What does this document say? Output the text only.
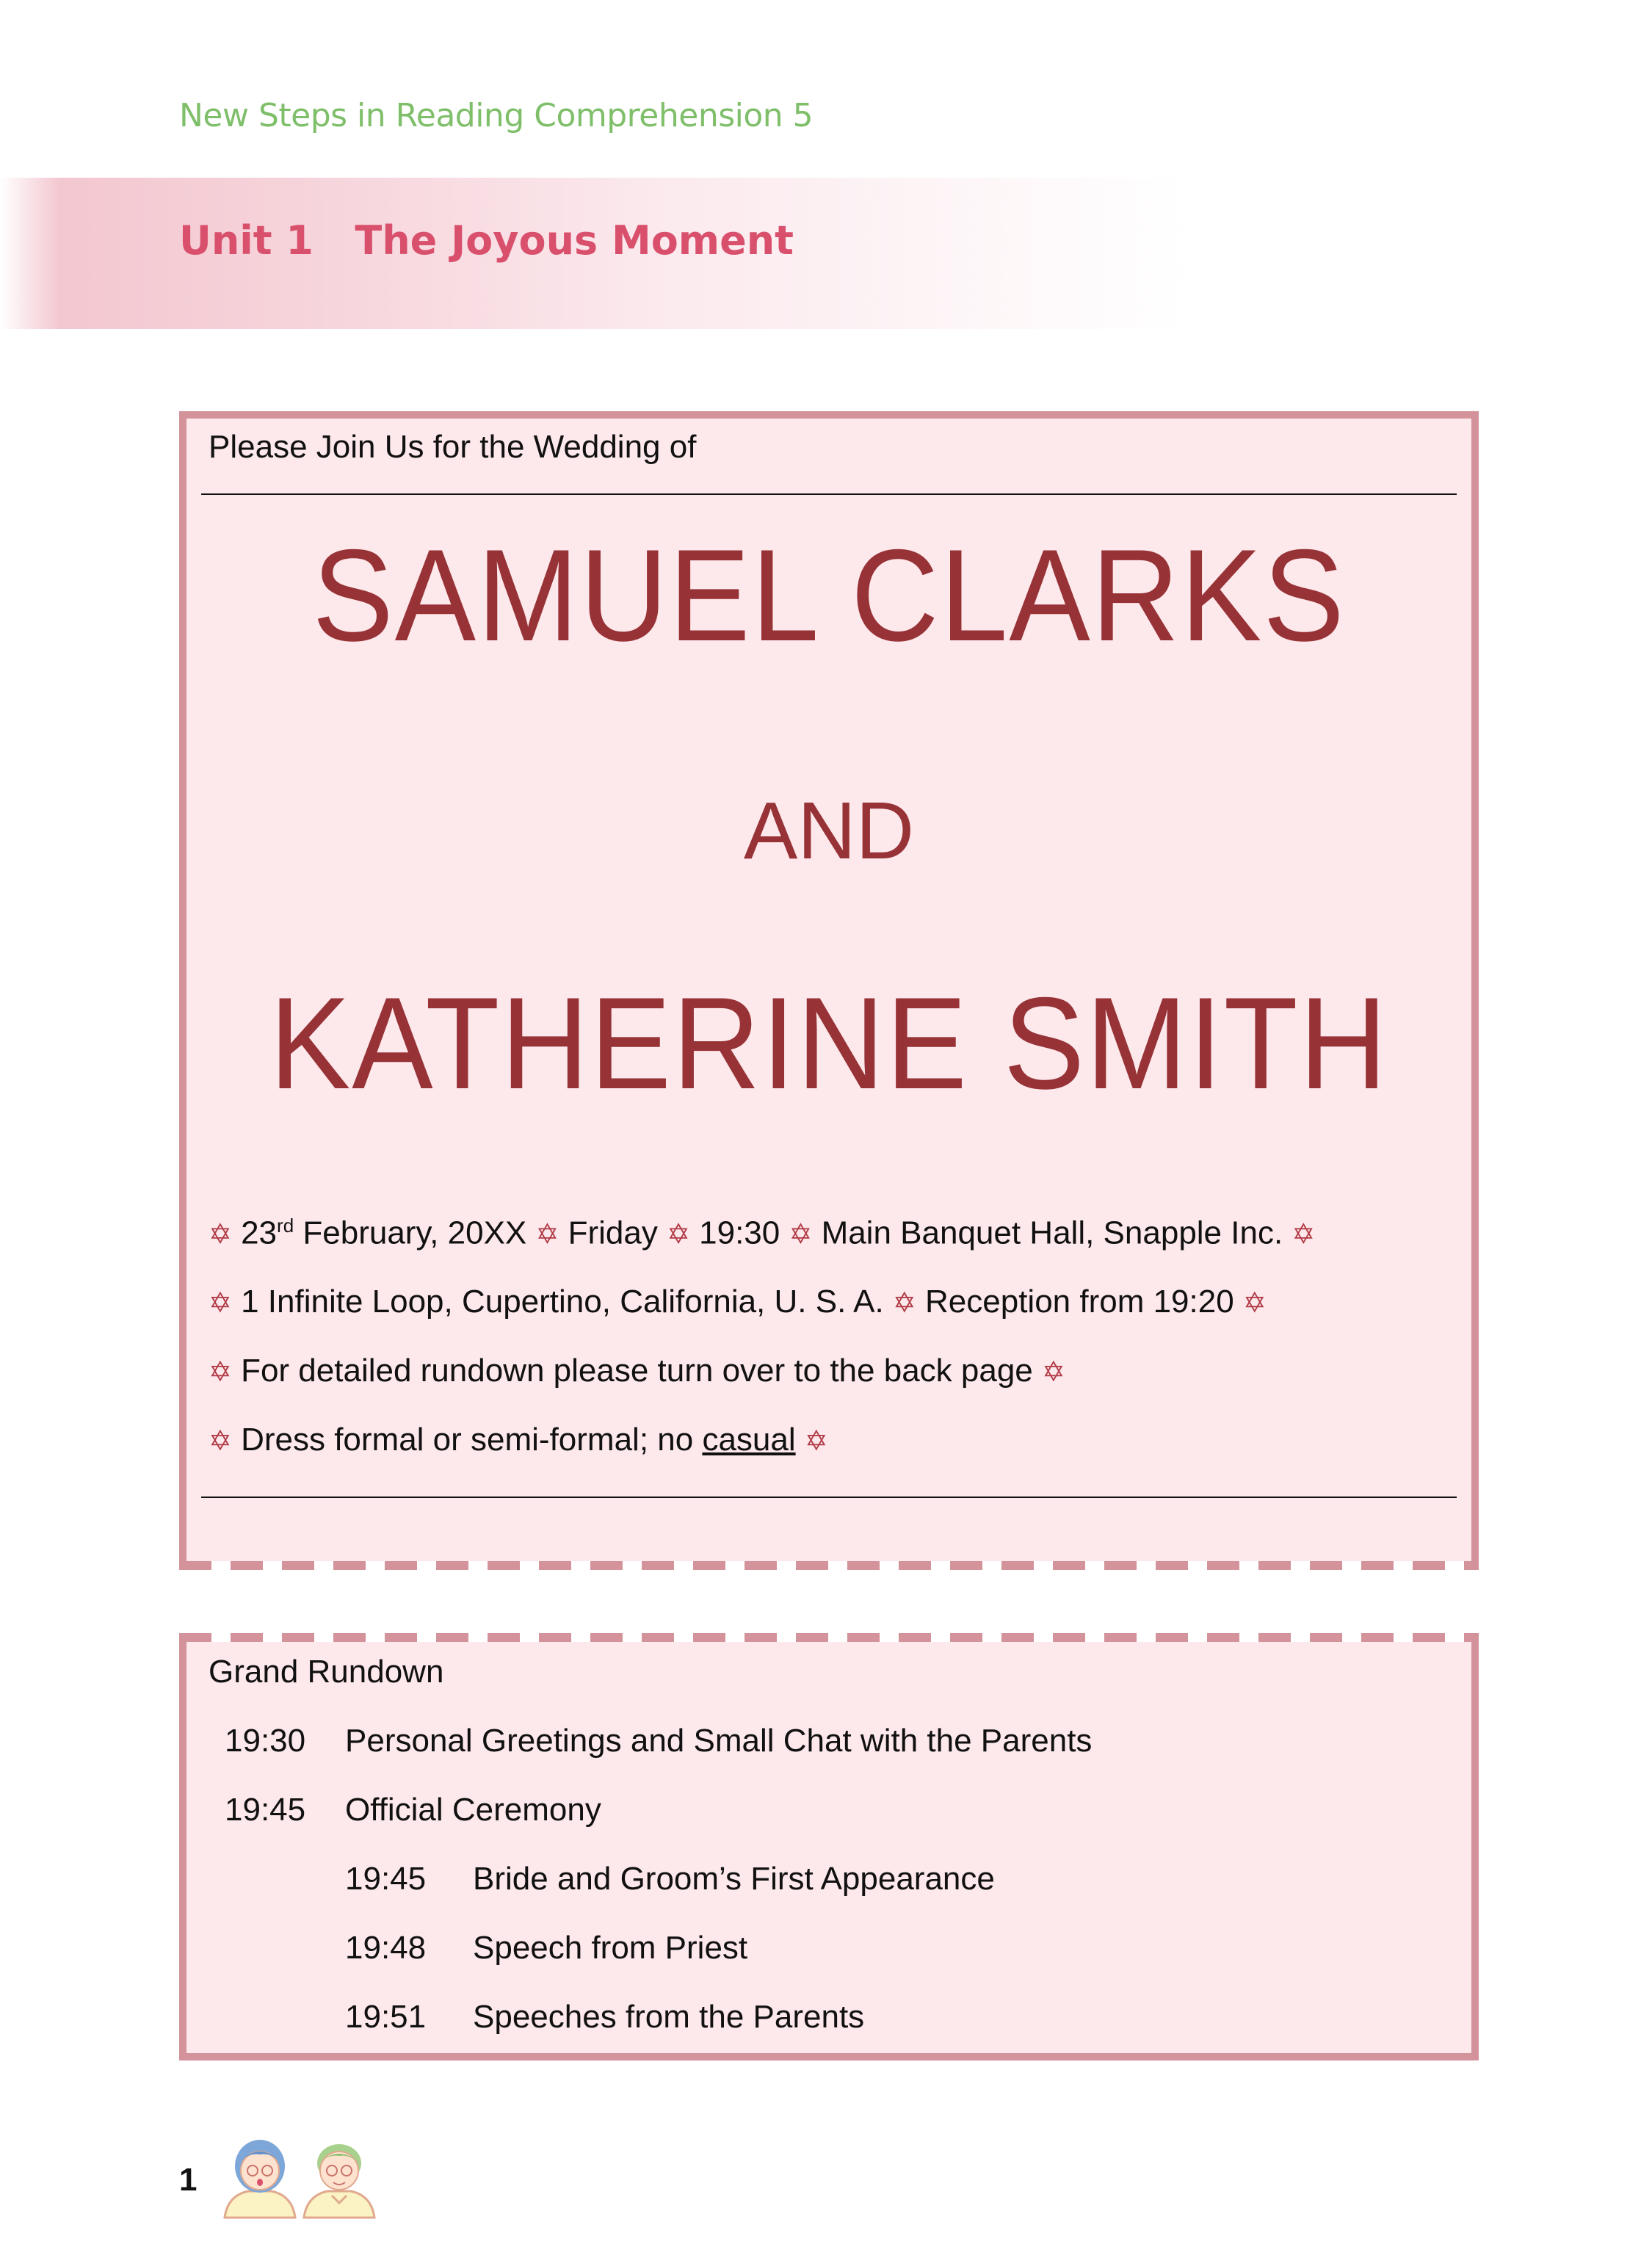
New Steps in Reading Comprehension 5
Unit 1   The Joyous Moment
Please Join Us for the Wedding of
SAMUEL CLARKS
AND
KATHERINE SMITH
✡ 23rd February, 20XX ✡ Friday ✡ 19:30 ✡ Main Banquet Hall, Snapple Inc. ✡
✡ 1 Infinite Loop, Cupertino, California, U. S. A. ✡ Reception from 19:20 ✡
✡ For detailed rundown please turn over to the back page ✡
✡ Dress formal or semi-formal; no casual ✡
Grand Rundown
19:30 Personal Greetings and Small Chat with the Parents
19:45 Official Ceremony
19:45 Bride and Groom’s First Appearance
19:48 Speech from Priest
19:51 Speeches from the Parents
1
